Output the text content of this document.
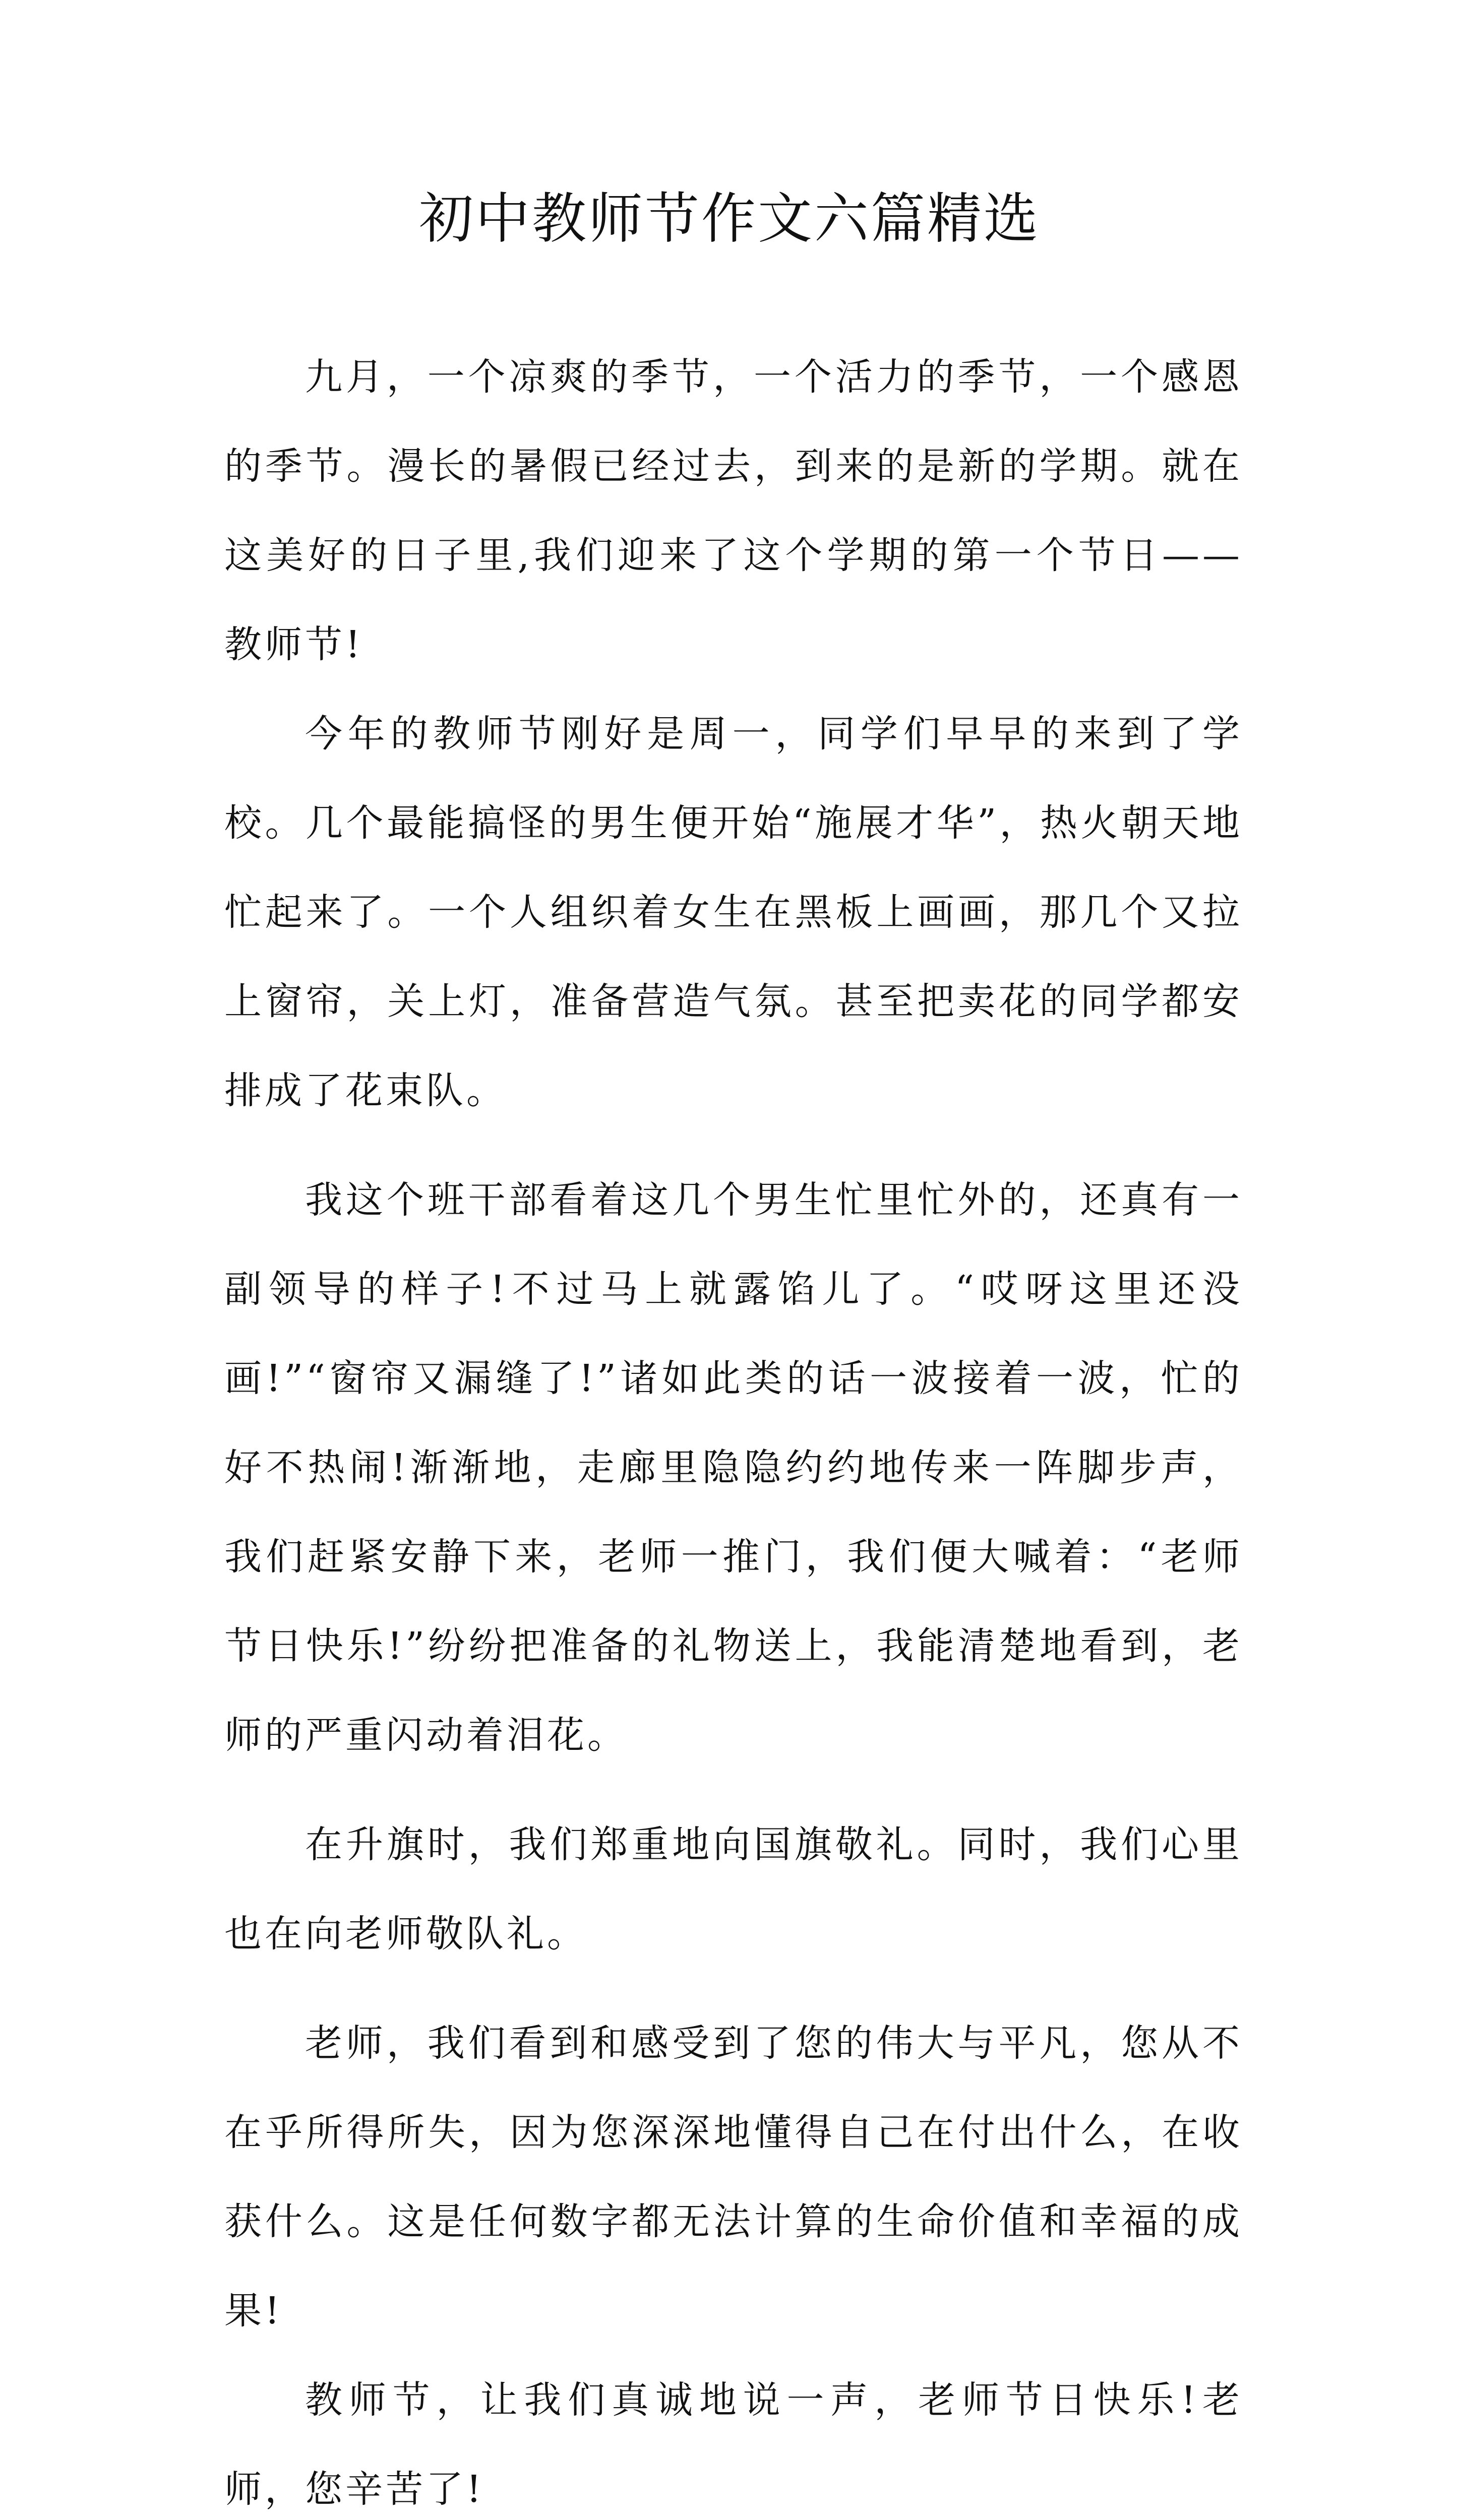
初中教师节作文六篇精选

九月，一个凉爽的季节，一个活力的季节，一个感恩的季节。漫长的暑假已经过去，到来的是新的学期。就在这美好的日子里,我们迎来了这个学期的第一个节日——教师节!

今年的教师节刚好是周一，同学们早早的来到了学校。几个最能搞怪的男生便开始“施展才华”，热火朝天地忙起来了。一个人组织着女生在黑板上画画，那几个又拉上窗帘，关上灯，准备营造气氛。甚至把卖花的同学都安排成了花束队。

我这个班干部看着这几个男生忙里忙外的，还真有一副领导的样子!不过马上就露馅儿了。“哎呀这里还没画!”“窗帘又漏缝了!”诸如此类的话一波接着一波，忙的好不热闹!渐渐地，走廊里隐隐约约地传来一阵脚步声，我们赶紧安静下来，老师一推门，我们便大喊着：“老师节日快乐!”纷纷把准备的礼物送上，我能清楚地看到，老师的严重闪动着泪花。

在升旗时，我们郑重地向国旗敬礼。同时，我们心里也在向老师敬队礼。

老师，我们看到和感受到了您的伟大与平凡，您从不在乎所得所失，因为您深深地懂得自己在付出什么，在收获什么。这是任何数字都无法计算的生命价值和幸福的成果!

教师节，让我们真诚地说一声，老师节日快乐!老师，您辛苦了!
